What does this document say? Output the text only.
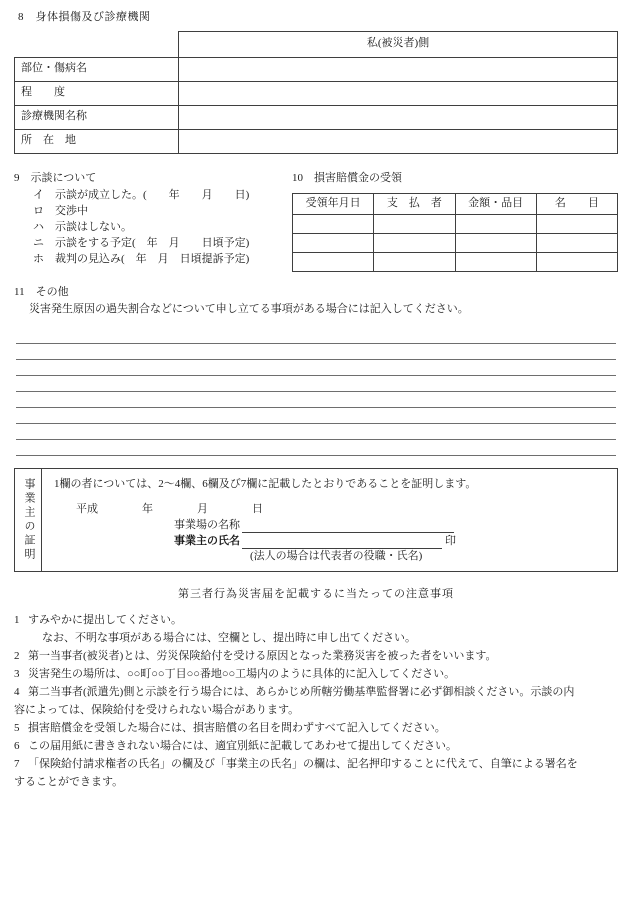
8　身体損傷及び診療機関
	私(被災者)側
部位・傷病名	
程　　度	
診療機関名称	
所　在　地	
9　示談について
イ　示談が成立した。(　　年　　月　　日)
ロ　交渉中
ハ　示談はしない。
ニ　示談をする予定(　年　月　　日頃予定)
ホ　裁判の見込み(　年　月　日頃提訴予定)
10　損害賠償金の受領
受領年月日	支　払　者	金額・品目	名　　目

11　その他
災害発生原因の過失割合などについて申し立てる事項がある場合には記入してください。
事業主の証明	1欄の者については、2～4欄、6欄及び7欄に記載したとおりであることを証明します。
平成　　　　年　　　　月　　　　日
事業場の名称
事業主の氏名	印
(法人の場合は代表者の役職・氏名)
第三者行為災害届を記載するに当たっての注意事項
1 すみやかに提出してください。
なお、不明な事項がある場合には、空欄とし、提出時に申し出てください。
2 第一当事者(被災者)とは、労災保険給付を受ける原因となった業務災害を被った者をいいます。
3 災害発生の場所は、○○町○○丁目○○番地○○工場内のように具体的に記入してください。
4 第二当事者(派遣先)側と示談を行う場合には、あらかじめ所轄労働基準監督署に必ず御相談ください。示談の内
容によっては、保険給付を受けられない場合があります。
5 損害賠償金を受領した場合には、損害賠償の名目を問わずすべて記入してください。
6 この届用紙に書ききれない場合には、適宜別紙に記載してあわせて提出してください。
7 「保険給付請求権者の氏名」の欄及び「事業主の氏名」の欄は、記名押印することに代えて、自筆による署名を
することができます。
